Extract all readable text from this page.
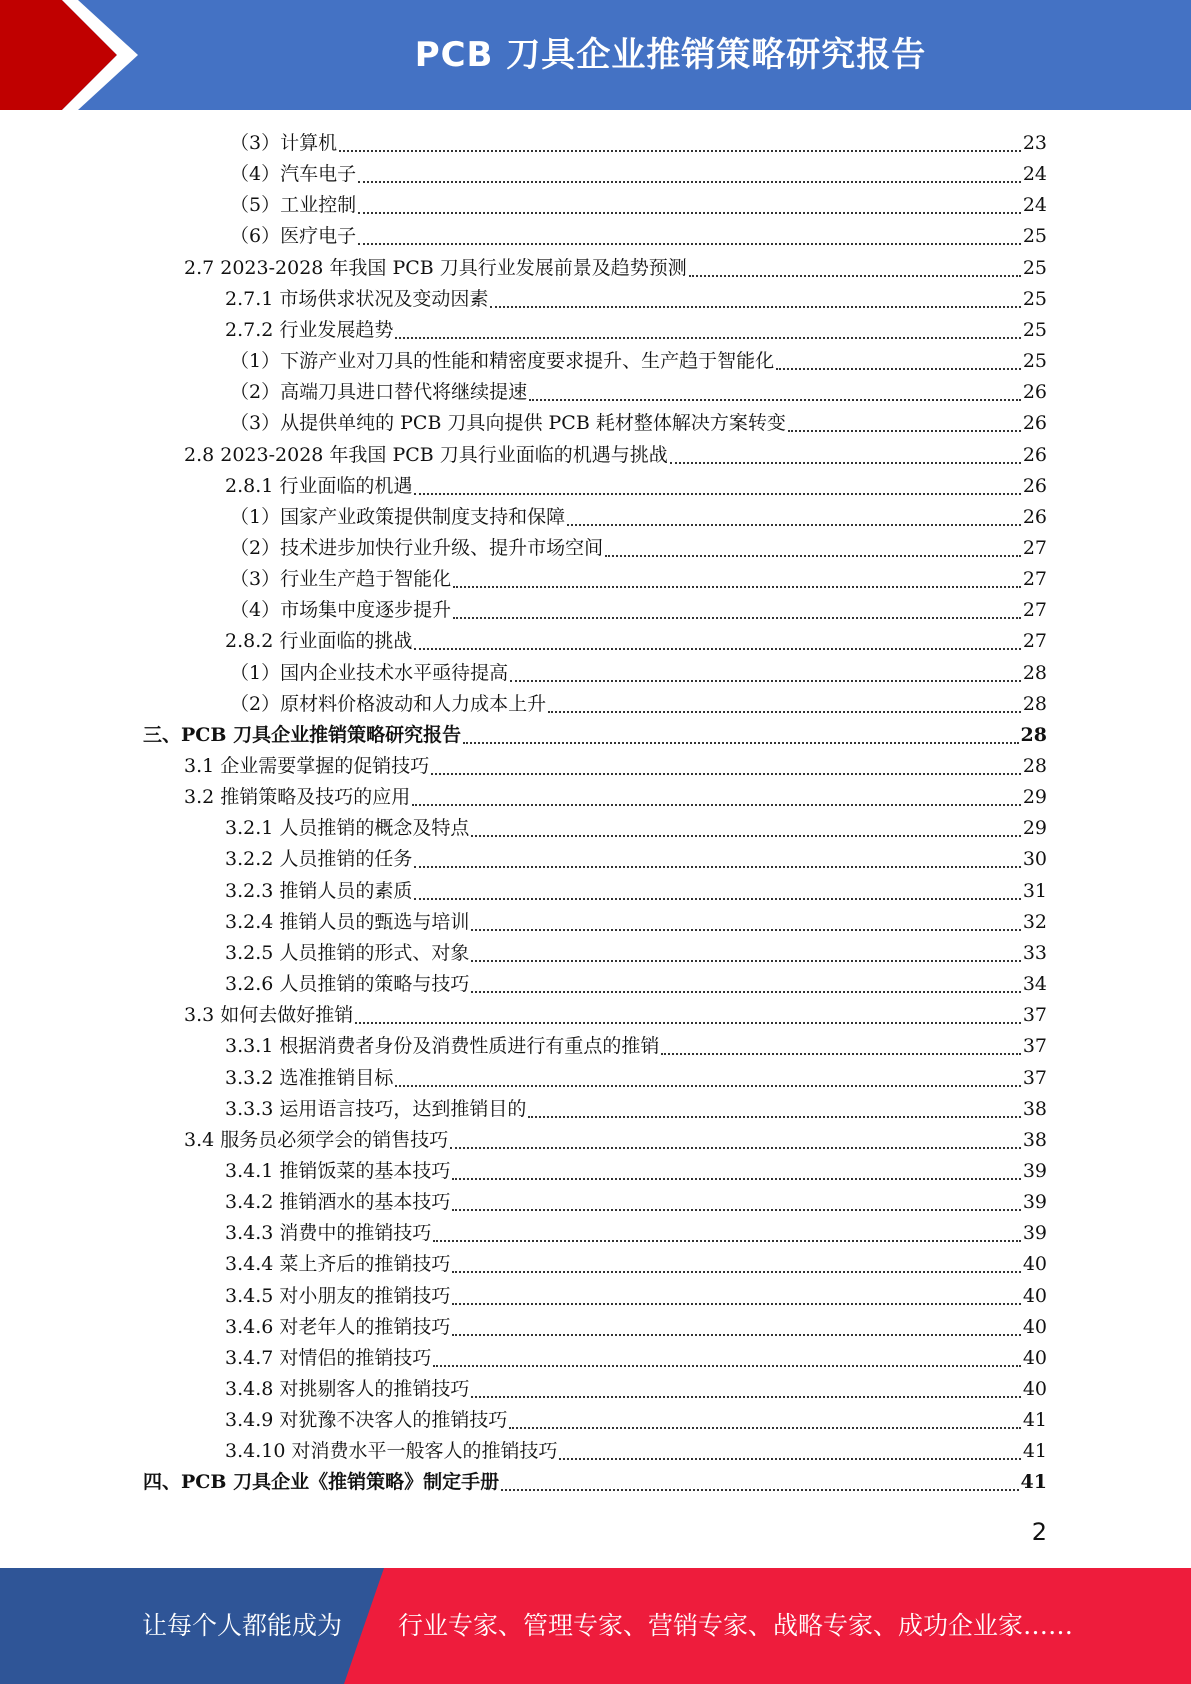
PCB 刀具企业推销策略研究报告
（3）计算机	23
（4）汽车电子	24
（5）工业控制	24
（6）医疗电子	25
2.7 2023-2028 年我国 PCB 刀具行业发展前景及趋势预测	25
2.7.1 市场供求状况及变动因素	25
2.7.2 行业发展趋势	25
（1）下游产业对刀具的性能和精密度要求提升、生产趋于智能化	25
（2）高端刀具进口替代将继续提速	26
（3）从提供单纯的 PCB 刀具向提供 PCB 耗材整体解决方案转变	26
2.8 2023-2028 年我国 PCB 刀具行业面临的机遇与挑战	26
2.8.1 行业面临的机遇	26
（1）国家产业政策提供制度支持和保障	26
（2）技术进步加快行业升级、提升市场空间	27
（3）行业生产趋于智能化	27
（4）市场集中度逐步提升	27
2.8.2 行业面临的挑战	27
（1）国内企业技术水平亟待提高	28
（2）原材料价格波动和人力成本上升	28
三、PCB 刀具企业推销策略研究报告	28
3.1 企业需要掌握的促销技巧	28
3.2 推销策略及技巧的应用	29
3.2.1 人员推销的概念及特点	29
3.2.2 人员推销的任务	30
3.2.3 推销人员的素质	31
3.2.4 推销人员的甄选与培训	32
3.2.5 人员推销的形式、对象	33
3.2.6 人员推销的策略与技巧	34
3.3 如何去做好推销	37
3.3.1 根据消费者身份及消费性质进行有重点的推销	37
3.3.2 选准推销目标	37
3.3.3 运用语言技巧，达到推销目的	38
3.4 服务员必须学会的销售技巧	38
3.4.1 推销饭菜的基本技巧	39
3.4.2 推销酒水的基本技巧	39
3.4.3 消费中的推销技巧	39
3.4.4 菜上齐后的推销技巧	40
3.4.5 对小朋友的推销技巧	40
3.4.6 对老年人的推销技巧	40
3.4.7 对情侣的推销技巧	40
3.4.8 对挑剔客人的推销技巧	40
3.4.9 对犹豫不决客人的推销技巧	41
3.4.10 对消费水平一般客人的推销技巧	41
四、PCB 刀具企业《推销策略》制定手册	41
2
让每个人都能成为 行业专家、管理专家、营销专家、战略专家、成功企业家……
